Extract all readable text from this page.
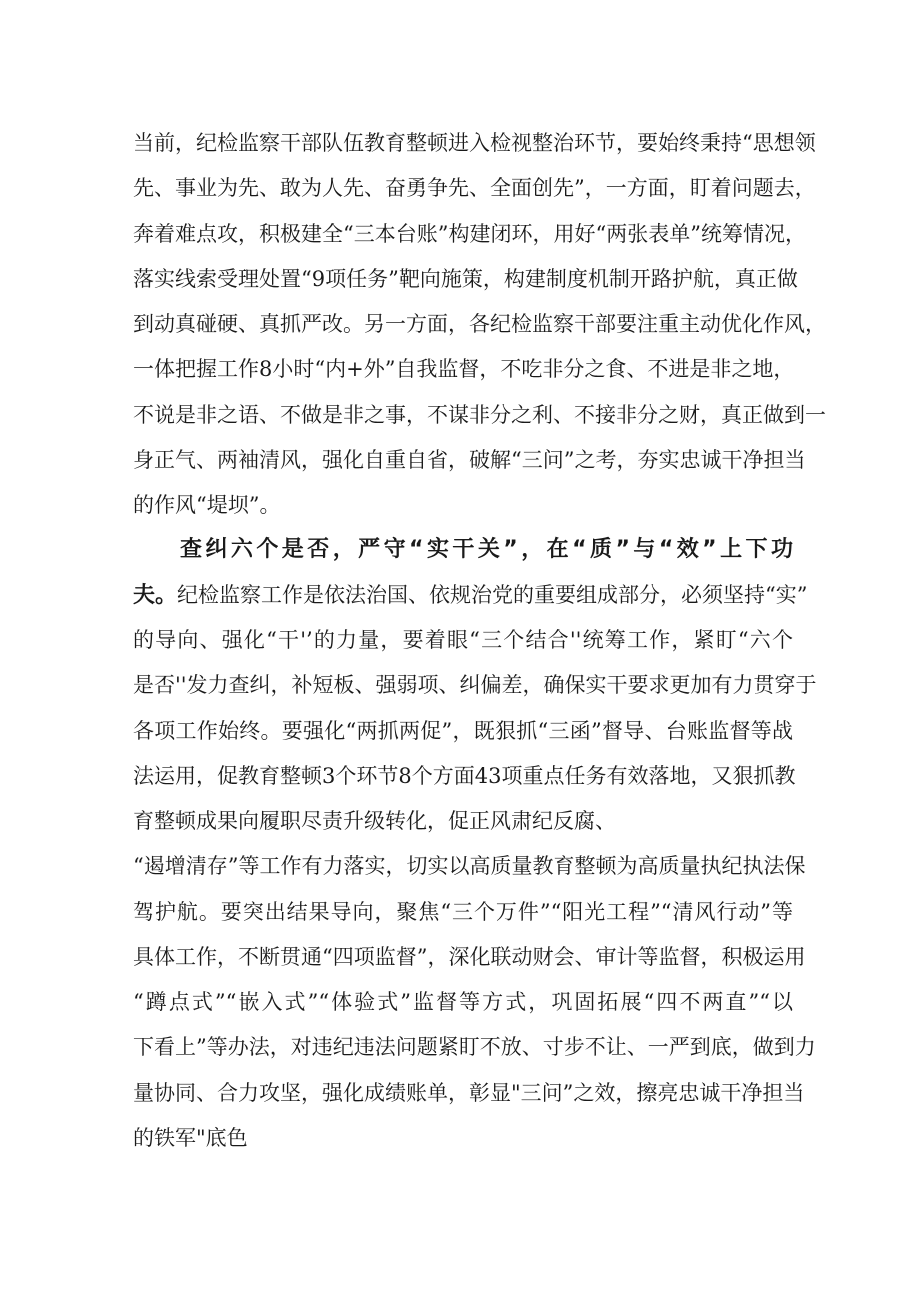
当前，纪检监察干部队伍教育整顿进入检视整治环节，要始终秉持“思想领
先、事业为先、敢为人先、奋勇争先、全面创先”，一方面，盯着问题去，
奔着难点攻，积极建全“三本台账”构建闭环，用好“两张表单”统筹情况，
落实线索受理处置“9项任务”靶向施策，构建制度机制开路护航，真正做
到动真碰硬、真抓严改。另一方面，各纪检监察干部要注重主动优化作风，
一体把握工作8小时“内+外”自我监督，不吃非分之食、不进是非之地，
不说是非之语、不做是非之事，不谋非分之利、不接非分之财，真正做到一
身正气、两袖清风，强化自重自省，破解“三问”之考，夯实忠诚干净担当
的作风“堤坝”。
查纠六个是否，严守“实干关”，在“质”与“效”上下功
夫。纪检监察工作是依法治国、依规治党的重要组成部分，必须坚持“实”
的导向、强化“干'’的力量，要着眼“三个结合''统筹工作，紧盯“六个
是否''发力查纠，补短板、强弱项、纠偏差，确保实干要求更加有力贯穿于
各项工作始终。要强化“两抓两促”，既狠抓“三函”督导、台账监督等战
法运用，促教育整顿3个环节8个方面43项重点任务有效落地，又狠抓教
育整顿成果向履职尽责升级转化，促正风肃纪反腐、
“遏增清存”等工作有力落实，切实以高质量教育整顿为高质量执纪执法保
驾护航。要突出结果导向，聚焦“三个万件”“阳光工程”“清风行动”等
具体工作，不断贯通“四项监督”，深化联动财会、审计等监督，积极运用
“蹲点式”“嵌入式”“体验式”监督等方式，巩固拓展“四不两直”“以
下看上”等办法，对违纪违法问题紧盯不放、寸步不让、一严到底，做到力
量协同、合力攻坚，强化成绩账单，彰显"三问”之效，擦亮忠诚干净担当
的铁军"底色
